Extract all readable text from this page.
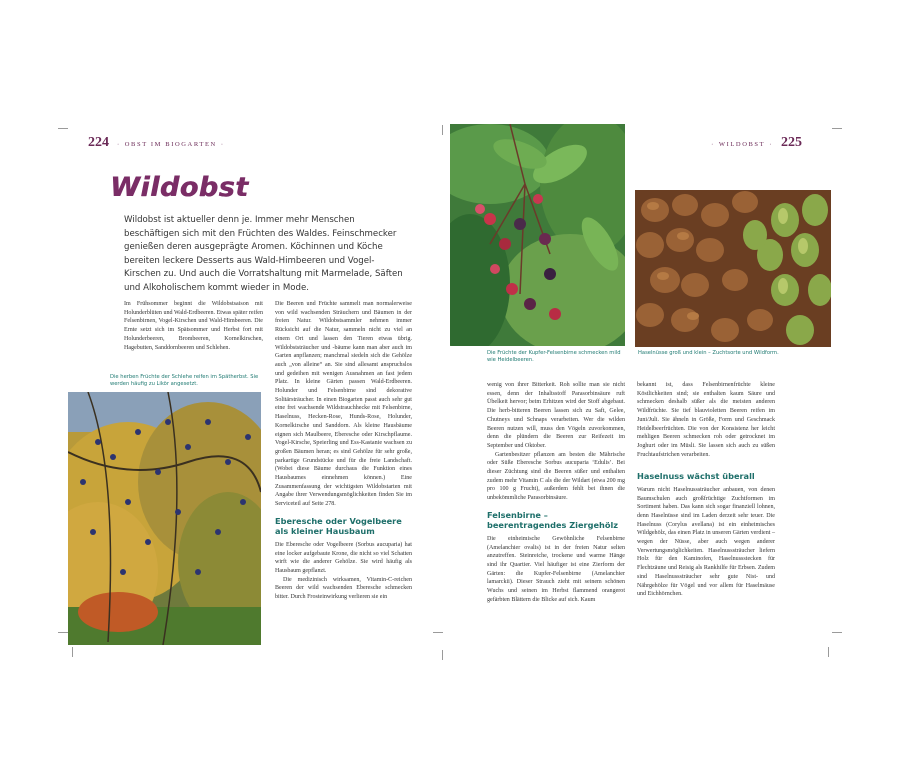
224 · OBST IM BIOGARTEN ·
Wildobst
Wildobst ist aktueller denn je. Immer mehr Menschen beschäftigen sich mit den Früchten des Waldes. Feinschmecker genießen deren ausgeprägte Aromen. Köchinnen und Köche bereiten leckere Desserts aus Wald-Himbeeren und Vogel-Kirschen zu. Und auch die Vorratshaltung mit Marmelade, Säften und Alkoholischem kommt wieder in Mode.

Im Frühsommer beginnt die Wildobstsaison mit Holunderblüten und Wald-Erdbeeren. Etwas später reifen Felsenbirnen, Vogel-Kirschen und Wald-Himbeeren. Die Ernte setzt sich im Spätsommer und Herbst fort mit Holunderbeeren, Brombeeren, Kornelkirschen, Hagebutten, Sanddornbeeren und Schlehen.

Die herben Früchte der Schlehe reifen im Spätherbst. Sie werden häufig zu Likör angesetzt.

Die Beeren und Früchte sammelt man normalerweise von wild wachsenden Sträuchern und Bäumen in der freien Natur. Wildobstsammler nehmen immer Rücksicht auf die Natur, sammeln nicht zu viel an einem Ort und lassen den Tieren etwas übrig. Wildobststräucher und -bäume kann man aber auch im Garten anpflanzen; manchmal siedeln sich die Gehölze auch „von alleine“ an. Sie sind allesamt anspruchslos und gedeihen mit wenigen Ausnahmen an fast jedem Platz. In kleine Gärten passen Wald-Erdbeeren. Holunder und Felsenbirne sind dekorative Solitärsträucher. In einen Biogarten passt auch sehr gut eine frei wachsende Wildstrauchhecke mit Felsenbirne, Haselnuss, Hecken-Rose, Hunds-Rose, Holunder, Kornelkirsche und Sanddorn. Als kleine Hausbäume eignen sich Maulbeere, Eberesche oder Kirschpflaume. Vogel-Kirsche, Speierling und Ess-Kastanie wachsen zu großen Bäumen heran; es sind Gehölze für sehr große, parkartige Grundstücke und für die freie Landschaft. (Wobei diese Bäume durchaus die Funktion eines Hausbaumes einnehmen können.) Eine Zusammenfassung der wichtigsten Wildobstarten mit Angabe ihrer Verwendungsmöglichkeiten finden Sie im Serviceteil auf Seite 278.

Eberesche oder Vogelbeere als kleiner Hausbaum

Die Eberesche oder Vogelbeere (Sorbus aucuparia) hat eine locker aufgebaute Krone, die nicht so viel Schatten wirft wie die anderer Gehölze. Sie wird häufig als Hausbaum gepflanzt.

Die medizinisch wirksamen, Vitamin-C-reichen Beeren der wild wachsenden Eberesche schmecken bitter. Durch Frosteinwirkung verlieren sie ein

· WILDOBST · 225
Die Früchte der Kupfer-Felsenbirne schmecken mild wie Heidelbeeren.
Haselnüsse groß und klein – Zuchtsorte und Wildform.

wenig von ihrer Bitterkeit. Roh sollte man sie nicht essen, denn der Inhaltsstoff Parasorbinsäure ruft Übelkeit hervor; beim Erhitzen wird der Stoff abgebaut. Die herb-bitteren Beeren lassen sich zu Saft, Gelee, Chutneys und Schnaps verarbeiten. Wer die wilden Beeren nutzen will, muss den Vögeln zuvorkommen, denn die plündern die Beeren zur Reifezeit im September und Oktober.

Gartenbesitzer pflanzen am besten die Mährische oder Süße Eberesche Sorbus aucuparia ‘Edulis’. Bei dieser Züchtung sind die Beeren süßer und enthalten zudem mehr Vitamin C als die der Wildart (etwa 200 mg pro 100 g Frucht), außerdem fehlt bei ihnen die unbekömmliche Parasorbinsäure.

Felsenbirne – beerentragendes Ziergehölz

Die einheimische Gewöhnliche Felsenbirne (Amelanchier ovalis) ist in der freien Natur selten anzutreffen. Steinreiche, trockene und warme Hänge sind ihr Quartier. Viel häufiger ist eine Zierform der Gärten: die Kupfer-Felsenbirne (Amelanchier lamarckii). Dieser Strauch zieht mit seinem schönen Wuchs und seinen im Herbst flammend orangerot gefärbten Blättern die Blicke auf sich. Kaum

bekannt ist, dass Felsenbirnenfrüchte kleine Köstlichkeiten sind; sie enthalten kaum Säure und schmecken deshalb süßer als die meisten anderen Wildfrüchte. Sie tief blauvioletten Beeren reifen im Juni/Juli. Sie ähneln in Größe, Form und Geschmack Heidelbeerfrüchten. Die von der Konsistenz her leicht mehligen Beeren schmecken roh oder getrocknet im Joghurt oder im Müsli. Sie lassen sich auch zu süßen Fruchtaufstrichen verarbeiten.

Haselnuss wächst überall

Warum nicht Haselnusssträucher anbauen, von denen Baumschulen auch großfrüchtige Zuchtformen im Sortiment haben. Das kann sich sogar finanziell lohnen, denn Haselnüsse sind im Laden derzeit sehr teuer. Die Haselnuss (Corylus avellana) ist ein einheimisches Wildgehölz, das einen Platz in unseren Gärten verdient – wegen der Nüsse, aber auch wegen anderer Verwertungsmöglichkeiten. Haselnusssträucher liefern Holz für den Kaminofen, Haselnussstecken für Flechtzäune und Reisig als Rankhilfe für Erbsen. Zudem sind Haselnusssträucher sehr gute Nist- und Nährgehölze für Vögel und vor allem für Haselmäuse und Eichhörnchen.
